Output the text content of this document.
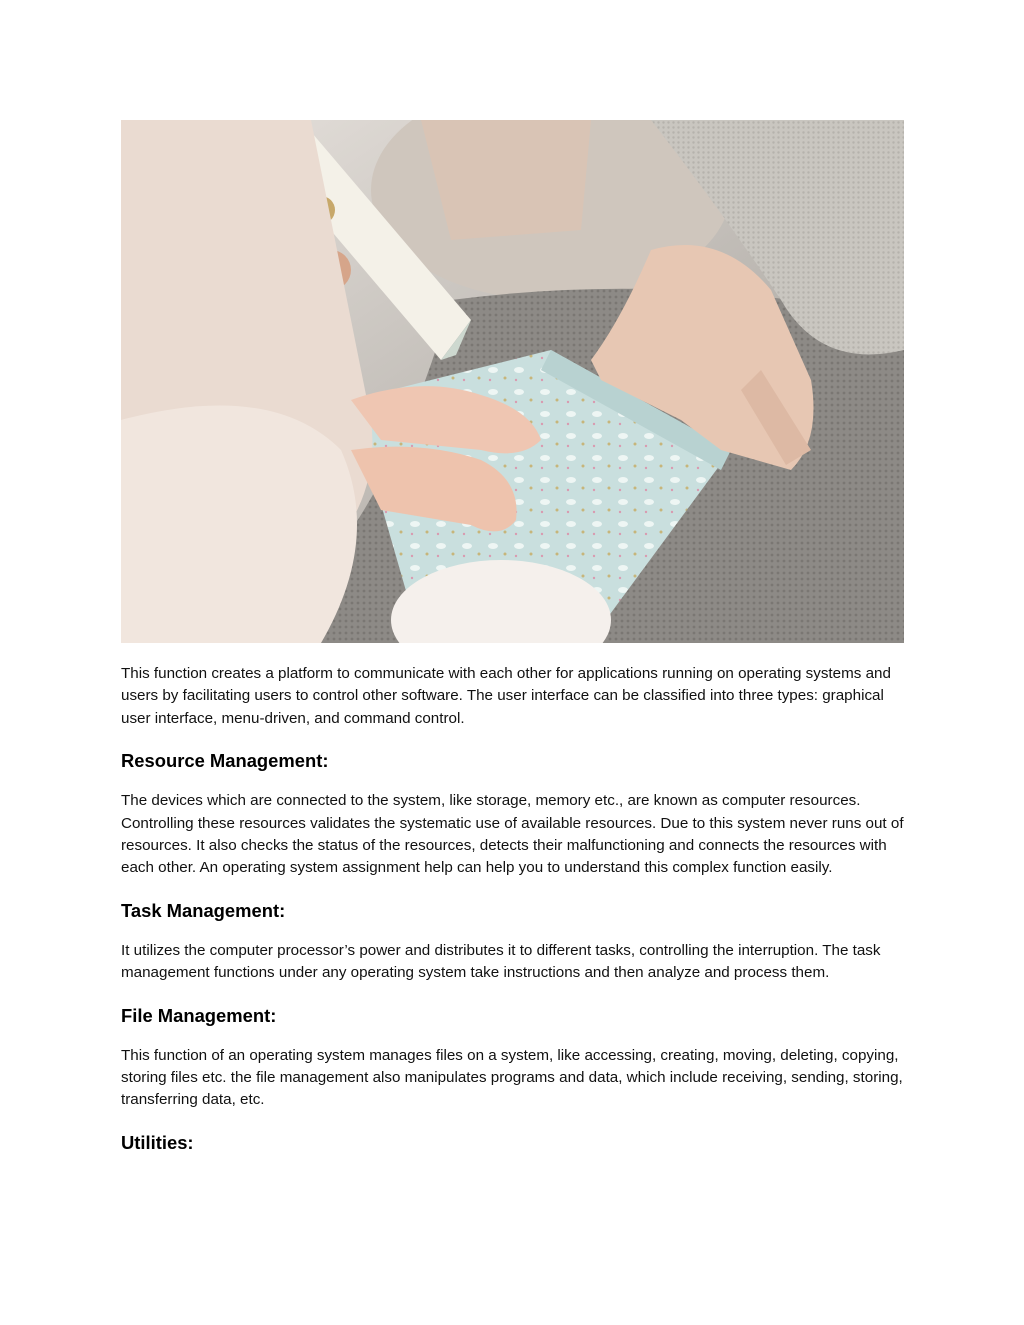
This function creates a platform to communicate with each other for applications running on operating systems and users by facilitating users to control other software. The user interface can be classified into three types: graphical user interface, menu-driven, and command control.

Resource Management:

The devices which are connected to the system, like storage, memory etc., are known as computer resources. Controlling these resources validates the systematic use of available resources. Due to this system never runs out of resources. It also checks the status of the resources, detects their malfunctioning and connects the resources with each other. An operating system assignment help can help you to understand this complex function easily.

Task Management:

It utilizes the computer processor’s power and distributes it to different tasks, controlling the interruption. The task management functions under any operating system take instructions and then analyze and process them.

File Management:

This function of an operating system manages files on a system, like accessing, creating, moving, deleting, copying, storing files etc. the file management also manipulates programs and data, which include receiving, sending, storing, transferring data, etc.

Utilities:
